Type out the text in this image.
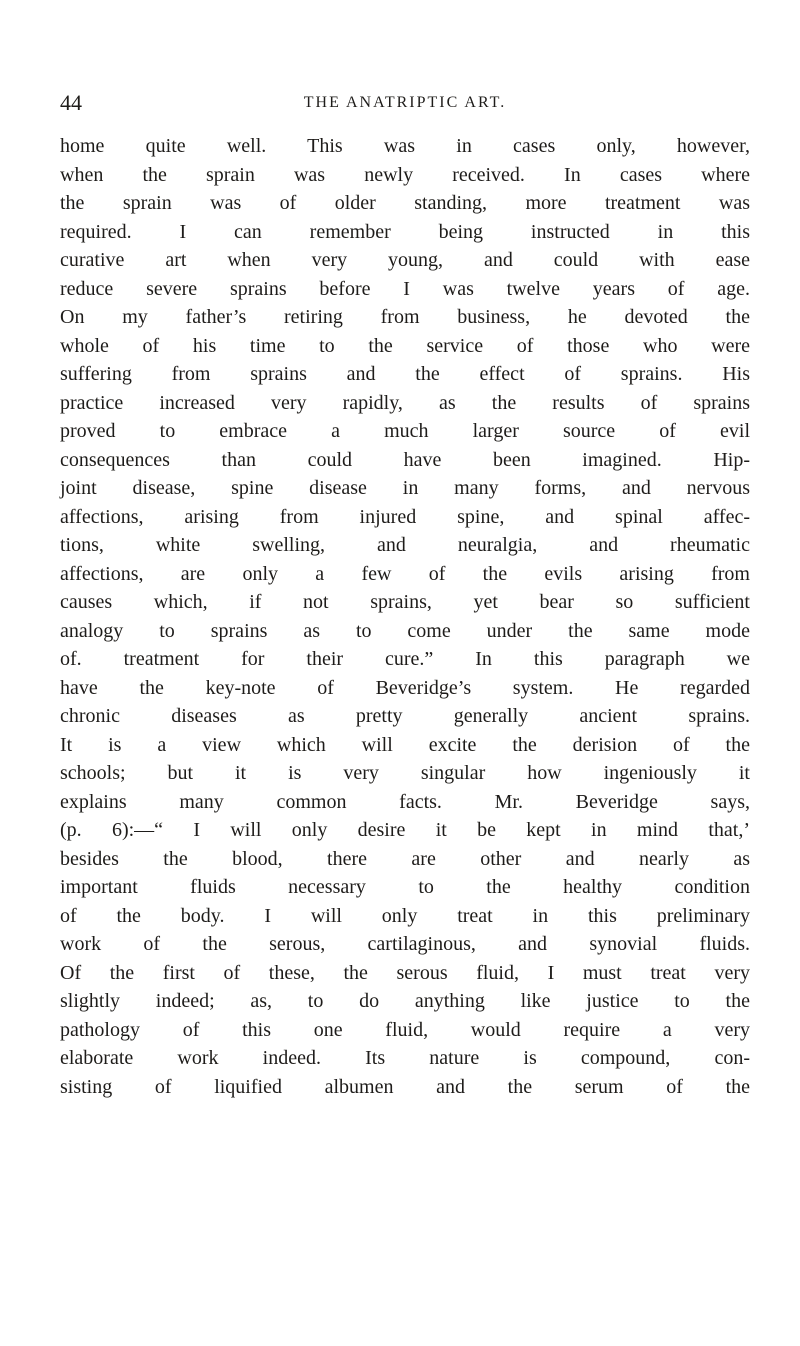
44	THE ANATRIPTIC ART.
home quite well. This was in cases only, however,
when the sprain was newly received. In cases where
the sprain was of older standing, more treatment was
required. I can remember being instructed in this
curative art when very young, and could with ease
reduce severe sprains before I was twelve years of age.
On my father’s retiring from business, he devoted the
whole of his time to the service of those who were
suffering from sprains and the effect of sprains. His
practice increased very rapidly, as the results of sprains
proved to embrace a much larger source of evil
consequences than could have been imagined. Hip-
joint disease, spine disease in many forms, and nervous
affections, arising from injured spine, and spinal affec-
tions, white swelling, and neuralgia, and rheumatic
affections, are only a few of the evils arising from
causes which, if not sprains, yet bear so sufficient
analogy to sprains as to come under the same mode
of. treatment for their cure.” In this paragraph we
have the key-note of Beveridge’s system. He regarded
chronic diseases as pretty generally ancient sprains.
It is a view which will excite the derision of the
schools; but it is very singular how ingeniously it
explains many common facts. Mr. Beveridge says,
(p. 6):—“ I will only desire it be kept in mind that,’
besides the blood, there are other and nearly as
important fluids necessary to the healthy condition
of the body. I will only treat in this preliminary
work of the serous, cartilaginous, and synovial fluids.
Of the first of these, the serous fluid, I must treat very
slightly indeed; as, to do anything like justice to the
pathology of this one fluid, would require a very
elaborate work indeed. Its nature is compound, con-
sisting of liquified albumen and the serum of the
